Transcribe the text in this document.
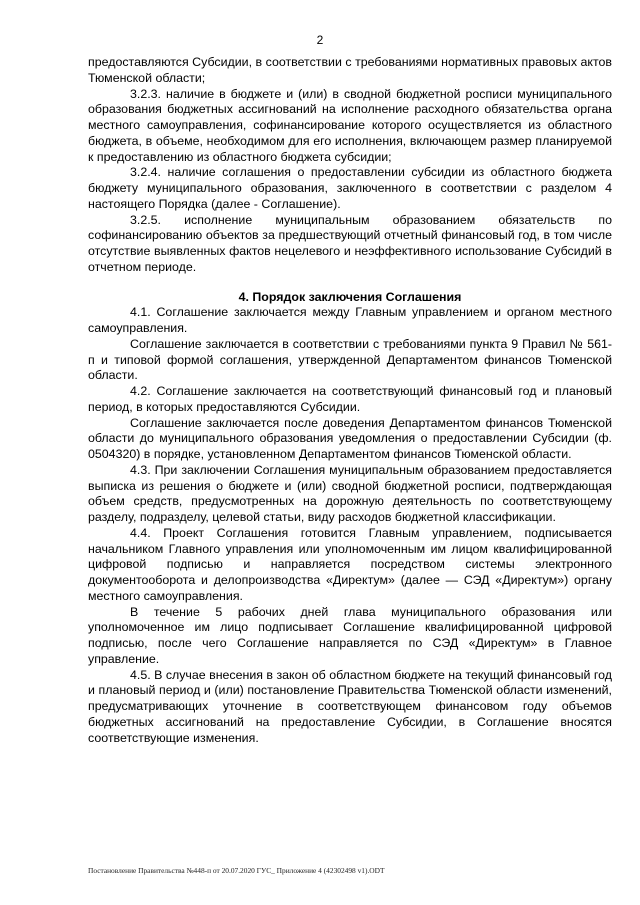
2

предоставляются Субсидии, в соответствии с требованиями нормативных правовых актов Тюменской области;

3.2.3. наличие в бюджете и (или) в сводной бюджетной росписи муниципального образования бюджетных ассигнований на исполнение расходного обязательства органа местного самоуправления, софинансирование которого осуществляется из областного бюджета, в объеме, необходимом для его исполнения, включающем размер планируемой к предоставлению из областного бюджета субсидии;

3.2.4. наличие соглашения о предоставлении субсидии из областного бюджета бюджету муниципального образования, заключенного в соответствии с разделом 4 настоящего Порядка (далее - Соглашение).

3.2.5. исполнение муниципальным образованием обязательств по софинансированию объектов за предшествующий отчетный финансовый год, в том числе отсутствие выявленных фактов нецелевого и неэффективного использование Субсидий в отчетном периоде.

4. Порядок заключения Соглашения

4.1. Соглашение заключается между Главным управлением и органом местного самоуправления.

Соглашение заключается в соответствии с требованиями пункта 9 Правил № 561-п и типовой формой соглашения, утвержденной Департаментом финансов Тюменской области.

4.2. Соглашение заключается на соответствующий финансовый год и плановый период, в которых предоставляются Субсидии.

Соглашение заключается после доведения Департаментом финансов Тюменской области до муниципального образования уведомления о предоставлении Субсидии (ф. 0504320) в порядке, установленном Департаментом финансов Тюменской области.

4.3. При заключении Соглашения муниципальным образованием предоставляется выписка из решения о бюджете и (или) сводной бюджетной росписи, подтверждающая объем средств, предусмотренных на дорожную деятельность по соответствующему разделу, подразделу, целевой статьи, виду расходов бюджетной классификации.

4.4. Проект Соглашения готовится Главным управлением, подписывается начальником Главного управления или уполномоченным им лицом квалифицированной цифровой подписью и направляется посредством системы электронного документооборота и делопроизводства «Директум» (далее — СЭД «Директум») органу местного самоуправления.

В течение 5 рабочих дней глава муниципального образования или уполномоченное им лицо подписывает Соглашение квалифицированной цифровой подписью, после чего Соглашение направляется по СЭД «Директум» в Главное управление.

4.5. В случае внесения в закон об областном бюджете на текущий финансовый год и плановый период и (или) постановление Правительства Тюменской области изменений, предусматривающих уточнение в соответствующем финансовом году объемов бюджетных ассигнований на предоставление Субсидии, в Соглашение вносятся соответствующие изменения.

Постановление Правительства №448-п от 20.07.2020 ГУС_ Приложение 4 (42302498 v1).ODT
